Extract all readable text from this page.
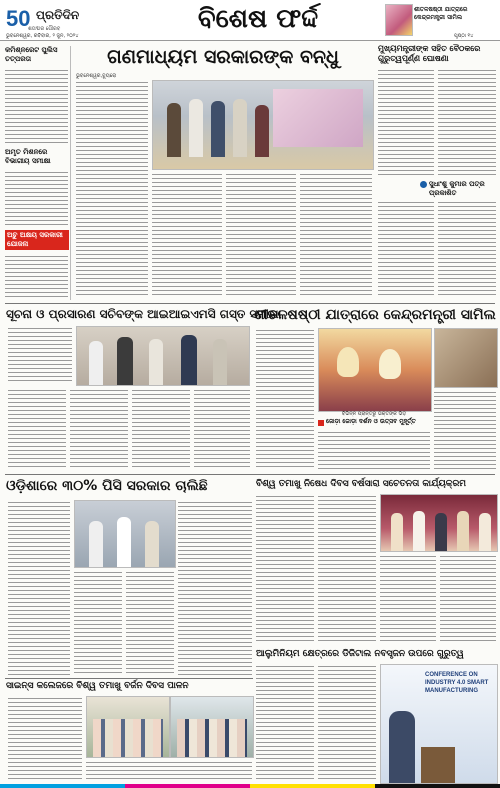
50 ପ୍ରତିଦିନ
ଶତାବ୍ଦୀର ଗୌରବ
ଭୁବନେଶ୍ୱର, ରବିବାର, ୨ ଜୁନ, ୨୦୨୪
ବିଶେଷ ଫର୍ଦ୍ଦ	ଶୀତଳଷଷ୍ଠୀ ଯାତ୍ରାରେ କେନ୍ଦ୍ରମନ୍ତ୍ରୀ ସାମିଲ
ପୃଷ୍ଠା ୧୪
କମିଶ୍ନରେଟ ପୁଲିସ ତତ୍ପରତା
ଅମୃତ ମିଶନରେ ବିଭାଗୀୟ ସମୀକ୍ଷା
ଅଚୁ ଅକ୍ଷୟ ସରକାରୀ ଯୋଜନା
ଗଣମାଧ୍ୟମ ସରକାରଙ୍କ ବନ୍ଧୁ
ଭୁବନେଶ୍ୱର,ବ୍ୟୁରୋ
ମୁଖ୍ୟମନ୍ତ୍ରୀଙ୍କ ସହିତ ବୈଠକରେ ଗୁରୁତ୍ୱପୂର୍ଣ୍ଣ ଘୋଷଣା
ସୁଧାଂଶୁ କୁମାର ପତ୍ର ପ୍ରକାଶିତ
ସୂଚନା ଓ ପ୍ରସାରଣ ସଚିବଙ୍କ ଆଇଆଇଏମସି ଗସ୍ତ ସମୀକ୍ଷା
ଶୀତଳଷଷ୍ଠୀ ଯାତ୍ରାରେ କେନ୍ଦ୍ରମନ୍ତ୍ରୀ ସାମିଲ
ବିଭିନ୍ନ ପ୍ରାନ୍ତରୁ ଭକ୍ତଙ୍କ ଭିଡ଼
ଜୋଡ଼ା ଜୋଡ଼ା ଦର୍ଶନ ଓ ଉତ୍ସବ ମୁହୂର୍ତ୍ତ
ଓଡ଼ିଶାରେ ୩୦% ପିସି ସରକାର ଚାଲିଛି	ବିଶ୍ୱ ତମାଖୁ ନିଷେଧ ଦିବସ ବର୍ଷସାରା ସଚେତନତା କାର୍ଯ୍ୟକ୍ରମ
ଆଲୁମିନିୟମ କ୍ଷେତ୍ରରେ ଡିଜିଟାଲ ନବସୃଜନ ଉପରେ ଗୁରୁତ୍ୱ
CONFERENCE ON INDUSTRY 4.0 SMART MANUFACTURING
ସାଇନ୍ସ କଲେଜରେ ବିଶ୍ୱ ତମାଖୁ ବର୍ଜନ ଦିବସ ପାଳନ
